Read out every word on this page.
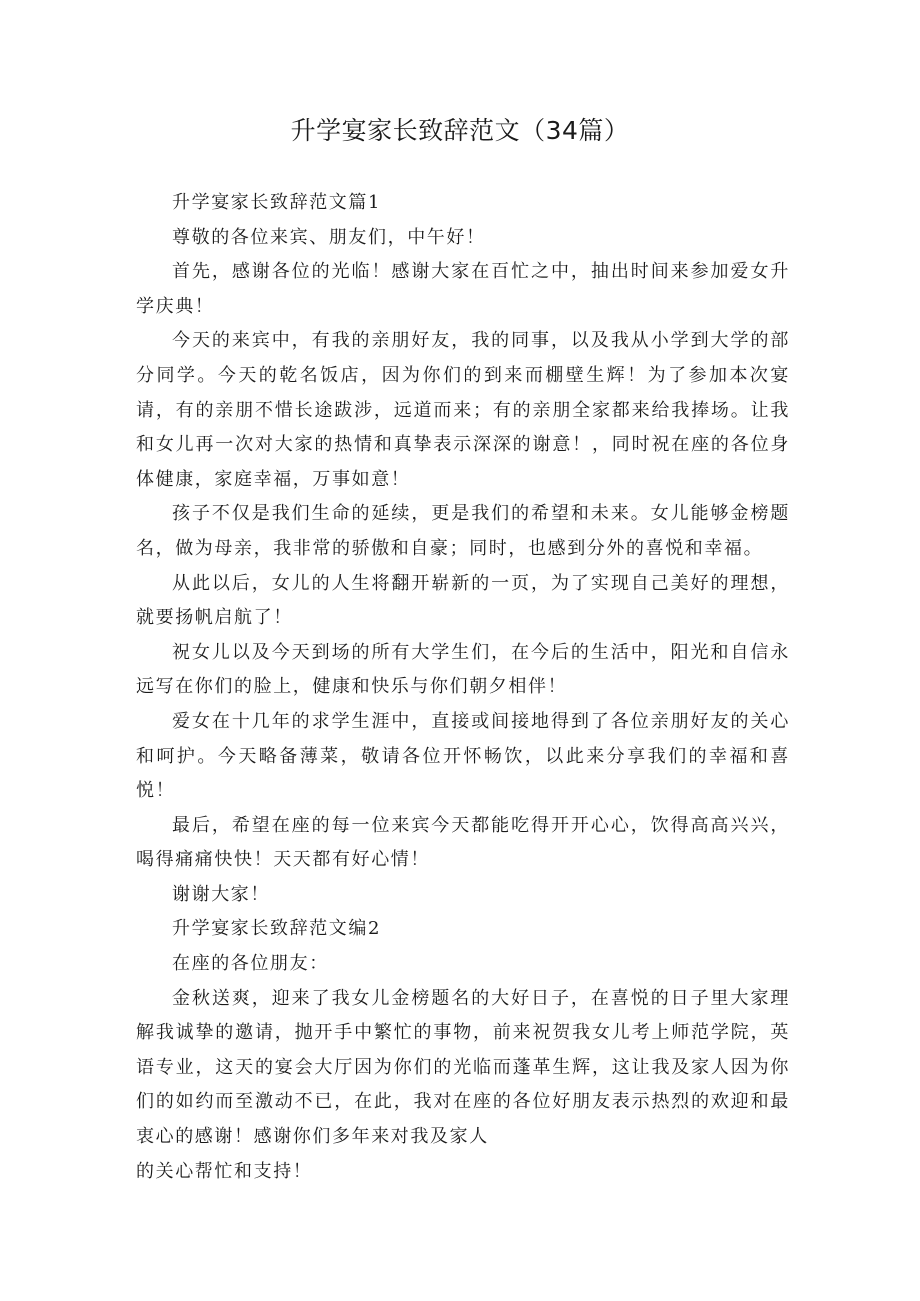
升学宴家长致辞范文（34篇）

升学宴家长致辞范文篇1

尊敬的各位来宾、朋友们，中午好！

首先，感谢各位的光临！感谢大家在百忙之中，抽出时间来参加爱女升学庆典！

今天的来宾中，有我的亲朋好友，我的同事，以及我从小学到大学的部分同学。今天的乾名饭店，因为你们的到来而棚壁生辉！为了参加本次宴请，有的亲朋不惜长途跋涉，远道而来；有的亲朋全家都来给我捧场。让我和女儿再一次对大家的热情和真挚表示深深的谢意！，同时祝在座的各位身体健康，家庭幸福，万事如意！

孩子不仅是我们生命的延续，更是我们的希望和未来。女儿能够金榜题名，做为母亲，我非常的骄傲和自豪；同时，也感到分外的喜悦和幸福。

从此以后，女儿的人生将翻开崭新的一页，为了实现自己美好的理想，就要扬帆启航了！

祝女儿以及今天到场的所有大学生们，在今后的生活中，阳光和自信永远写在你们的脸上，健康和快乐与你们朝夕相伴！

爱女在十几年的求学生涯中，直接或间接地得到了各位亲朋好友的关心和呵护。今天略备薄菜，敬请各位开怀畅饮，以此来分享我们的幸福和喜悦！

最后，希望在座的每一位来宾今天都能吃得开开心心，饮得高高兴兴，喝得痛痛快快！天天都有好心情！

谢谢大家！

升学宴家长致辞范文编2

在座的各位朋友：

金秋送爽，迎来了我女儿金榜题名的大好日子，在喜悦的日子里大家理解我诚挚的邀请，抛开手中繁忙的事物，前来祝贺我女儿考上师范学院，英语专业，这天的宴会大厅因为你们的光临而蓬革生辉，这让我及家人因为你们的如约而至激动不已，在此，我对在座的各位好朋友表示热烈的欢迎和最衷心的感谢！感谢你们多年来对我及家人

的关心帮忙和支持！
